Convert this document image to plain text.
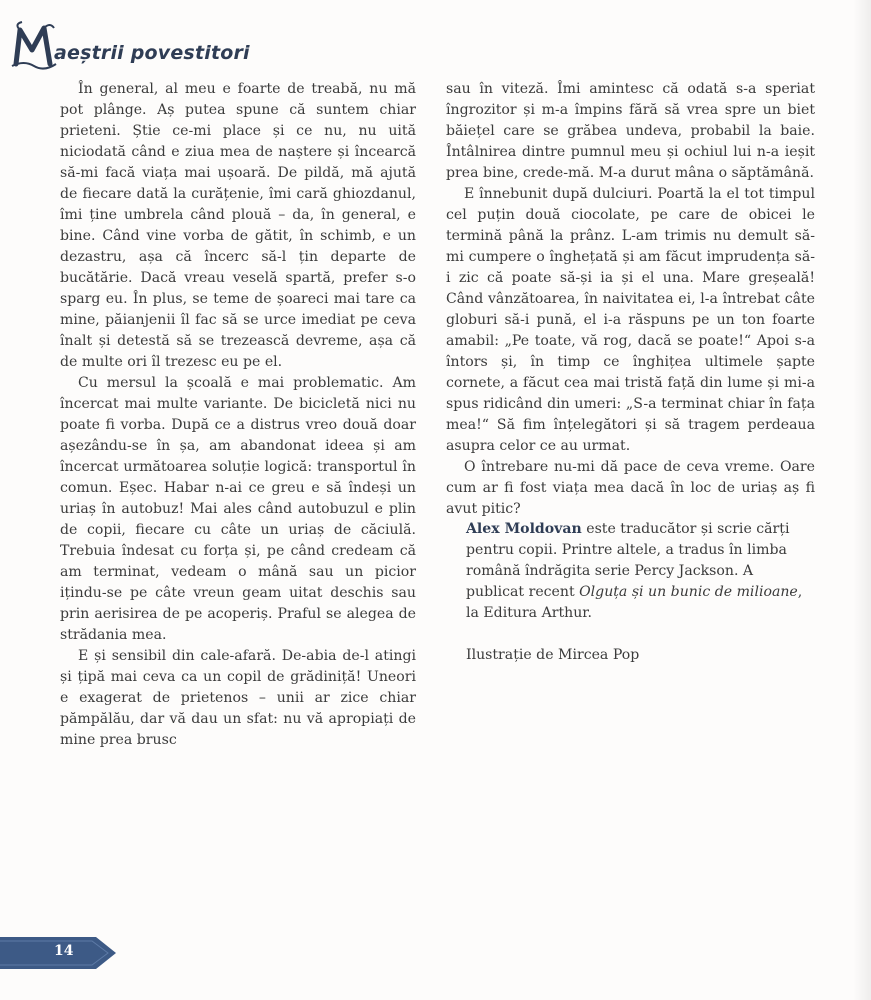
aeștrii povestitori

În general, al meu e foarte de treabă, nu mă pot plânge. Aș putea spune că suntem chiar prieteni. Știe ce-mi place și ce nu, nu uită niciodată când e ziua mea de naștere și încearcă să-mi facă viața mai ușoară. De pildă, mă ajută de fiecare dată la curățenie, îmi cară ghiozdanul, îmi ține umbrela când plouă – da, în general, e bine. Când vine vorba de gătit, în schimb, e un dezastru, așa că încerc să-l țin departe de bucătărie. Dacă vreau veselă spartă, prefer s-o sparg eu. În plus, se teme de șoareci mai tare ca mine, păianjenii îl fac să se urce imediat pe ceva înalt și detestă să se trezească devreme, așa că de multe ori îl trezesc eu pe el.

Cu mersul la școală e mai problematic. Am încercat mai multe variante. De bicicletă nici nu poate fi vorba. După ce a distrus vreo două doar așezându-se în șa, am abandonat ideea și am încercat următoarea soluție logică: transportul în comun. Eșec. Habar n-ai ce greu e să îndeși un uriaș în autobuz! Mai ales când autobuzul e plin de copii, fiecare cu câte un uriaș de căciulă. Trebuia îndesat cu forța și, pe când credeam că am terminat, vedeam o mână sau un picior ițindu-se pe câte vreun geam uitat deschis sau prin aerisirea de pe acoperiș. Praful se alegea de strădania mea.

E și sensibil din cale-afară. De-abia de-l atingi și țipă mai ceva ca un copil de grădiniță! Uneori e exagerat de prietenos – unii ar zice chiar pămpălău, dar vă dau un sfat: nu vă apropiați de mine prea brusc

sau în viteză. Îmi amintesc că odată s-a speriat îngrozitor și m-a împins fără să vrea spre un biet băiețel care se grăbea undeva, probabil la baie. Întâlnirea dintre pumnul meu și ochiul lui n-a ieșit prea bine, crede-mă. M-a durut mâna o săptămână.

E înnebunit după dulciuri. Poartă la el tot timpul cel puțin două ciocolate, pe care de obicei le termină până la prânz. L-am trimis nu demult să-mi cumpere o înghețată și am făcut imprudența să-i zic că poate să-și ia și el una. Mare greșeală! Când vânzătoarea, în naivitatea ei, l-a întrebat câte globuri să-i pună, el i-a răspuns pe un ton foarte amabil: „Pe toate, vă rog, dacă se poate!“ Apoi s-a întors și, în timp ce înghițea ultimele șapte cornete, a făcut cea mai tristă față din lume și mi-a spus ridicând din umeri: „S-a terminat chiar în fața mea!“ Să fim înțelegători și să tragem perdeaua asupra celor ce au urmat.

O întrebare nu-mi dă pace de ceva vreme. Oare cum ar fi fost viața mea dacă în loc de uriaș aș fi avut pitic?

Alex Moldovan este traducător și scrie cărți pentru copii. Printre altele, a tradus în limba română îndrăgita serie Percy Jackson. A publicat recent Olguța și un bunic de milioane, la Editura Arthur.
Ilustrație de Mircea Pop
14
